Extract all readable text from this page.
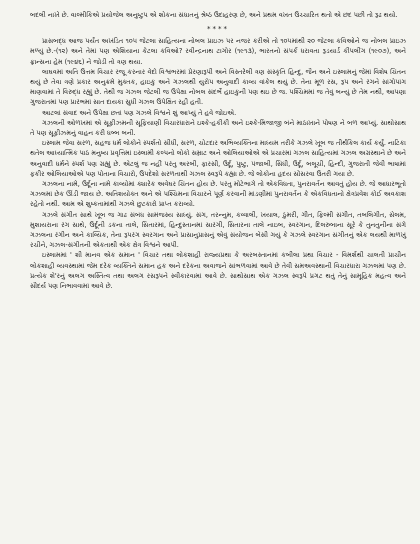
બદલી નાખે છે. વાલ્મીકિએ પ્રયોજેલ અનુષ્ટુપ એ શોકના સંધાતનું શ્રેષ્ઠ ઉદાહરણ છે, અને પ્રથમ વખત ઉચ્ચારિત થતો એ છંદ પછી તો રૂઢ થયો.

****

પ્રાસબદ્ધ આજ પર્યંત અખંડિત ૧૦૫ જેટલા સાહિત્યના નોબલ પ્રાઇઝ પર નજર કરીએ તો ૧૦૫માંથી ૨૦ જેટલા કવિઓને જ નોબલ પ્રાઇઝ મળ્યું છે.-(૧૨) અને તેમાં પણ એશિયાના કેટલા કવિઓ? રવીન્દ્રનાથ ટાગોર (૧૯૧૩), ભારતનો સંપર્ક ધરાવતા રૂડયાર્ડ કીપલીંગ (૧૯૦૭), અને ફ્રાન્સના હેમ (૧૯૪૬) ને જોડી તો ત્રણ થયા.

લાઘવમાં અતિ ઉત્તમ વિચાર રજૂ કરનાર વેદો વિશ્વભરમાં પ્રેરણારૂપી અને વિસ્તરેલી ત્રણ સંસ્કૃતિ હિન્દુ, જૈન અને ઇસ્લામનું જેમાં વિશેષ ચિંતન થયું છે તેવા ત્રણે પ્રકાર અનુક્રમે મુક્તક, હાઇકુ અને ગઝલથી યુરોપ અનુવાદી કાવ્ય વાંકેલ થયું છે. તેના મૂળ રસ, રૂપ અને રંગને સાંગોપાંગ માણવામાં તે વિરુદ્ધ રહ્યું છે. તેથી જ ગઝલ જેટલી જ ઉપેક્ષા નોબલ સંદર્ભે હાઇકુની પણ થઇ છે જ. પશ્ચિમમાં જ તેવું બન્યું છે તેમ નથી, આપણા ગુજરાતમાં પણ પ્રારંભમાં સાત દાયકા સુધી ગઝલ ઉપેક્ષિત રહી હતી.

આટલાં સંવાદ અને ઉપેક્ષા છતાં પણ ગઝલે વિશ્વને શું આપ્યું તે હવે જોઇએ.

ગઝલની ઓળખમાં એ સૂફીઝમની સૂફિયાણી વિચારધારાને ઇશ્કે-હકીકી અને ઇશ્કે-મિજાજી બંને માઠાખાને પોષણ ને બળ આપ્યું. સાથોસાથ તે પણ સૂફીઝમનું વાહન કરી ધબ્બ બની.

ઇસ્લામ જેવા સરળ, સહજ ધર્મ લોકોને સ્પર્શતો સીધી, સરળ, ચોટદાર અભિવ્યક્તિના માધ્યમ તરીકે ગઝલે ખૂબ જ તીર્થંકિલ કાર્ય કર્યું. નાટિકા થતેલ આધ્યાત્મિક પાઠ મનુષ્ય પ્રવૃત્તિમાં ઇસ્લામી કલ્પનો લોકો સમ્રાટ અને ઓલિયાઓએ એ પ્રચારમાં ગઝલ સાહિત્યમાં ગઝલ અગ્રસ્થાને છે અને અનુવાદી ધર્મને સ્પર્શ પણ ગ્રહ્યું છે. એટલું જ નહીં પરંતુ અરબી, ફારસી, ઉર્દૂ, પુષ્ટુ, પંજાબી, સિંધી, ઉર્દૂ, બલૂચી, હિન્દી, ગુજરાતી જેવી ભાષામાં ફકીર ઓલિયાઓએ પણ પોતાના વિચારો, ઉપદેશો સરળતાથી ગઝલ સ્વરૂપે કહ્યા છે. જે લોકોના હૃદય સોંસરવા ઉતરી ગયા છે.

ગઝલના નામે, ઉર્દૂના નામે કાવ્યોમાં ક્યારેક અવેઘર ચિંતન હોય છે. પરંતુ મોટેભાગે તો એકવિધતા, પુનરાવર્તન આવતું હોય છે. જે આધારભૂતો ગઝલમાં છેક ઊંડી જાય છે. અતિશયોક્ત અને એ પશ્ચિમના વિચારને પૂર્ણ કરવાની માંડણીમાં પુનરાવર્તન કે એકવિધતાનો ક્ષેત્રપ્રવેશ કોઈ અવકાશ રહેતો નથી. આમ એ શુષ્કતામાંથી ગઝલે છુટકારો પ્રાપ્ત કરાવ્યો.

ગઝલે સંગીત સાથે ખૂબ જ ગાઢ સંબંધ સામંજસ્ય સાધ્યું. સંગ, તરન્નુમ, કવ્વાલી, ખયાલ, ઠુમરી, ગીત, ફિલ્મી સંગીત, તબલિગીત, સેલમ, મુશાયરાના રંગ સાથે, ઉર્દૂની ડકના તાલે, સિતારમાં, હિન્દુસ્તાનમાં સારંગી, સિતારના તાલે નાઇબ, સ્વરગાન, દિલરુબાના સૂરે કે તુનતુનીના સંગે ગઝલના રંગીન અને કાવ્યિક, તેના રૂપરંગ સ્વરગાન અને પ્રાસાનુપ્રાસનું એવું સંયોજન બેસી ગયું કે ગઝલે સ્વરગાન સંગીતનું એક લયથી માળખું રચીને, ગઝલ-સંગીતની એકતાથી એક ક્ષેત્ર વિશ્વને આપી.

ઇસ્લામમાં ' શી માનવ એક સમાન ' વિચાર તથા લોકશાહી રાજ્યપ્રથા કે અરબસ્તાનમાં કબીલા પ્રથા વિચાર - વિમર્શથી ચાલતી પ્રાચીન લોકશાહી વ્યવસ્થામાં જેમ દરેક વ્યક્તિને સમાન હક અને દરેકના અવાજને સાંભળવામાં આવે છે તેવી સમઅવસ્થાની વિચારધારા ગઝલમાં પણ છે. પ્રત્યેક શે'રનું અલગ અસ્તિત્વ તથા અલગ રસરૂપને સ્વીકારવામાં આવે છે. સાથોસાથ એક ગઝલ સ્વરૂપે પ્રગટ થતું તેનું સામૂહિક મહત્વ અને સૌંદર્ય પણ નિભાવવામાં આવે છે.
